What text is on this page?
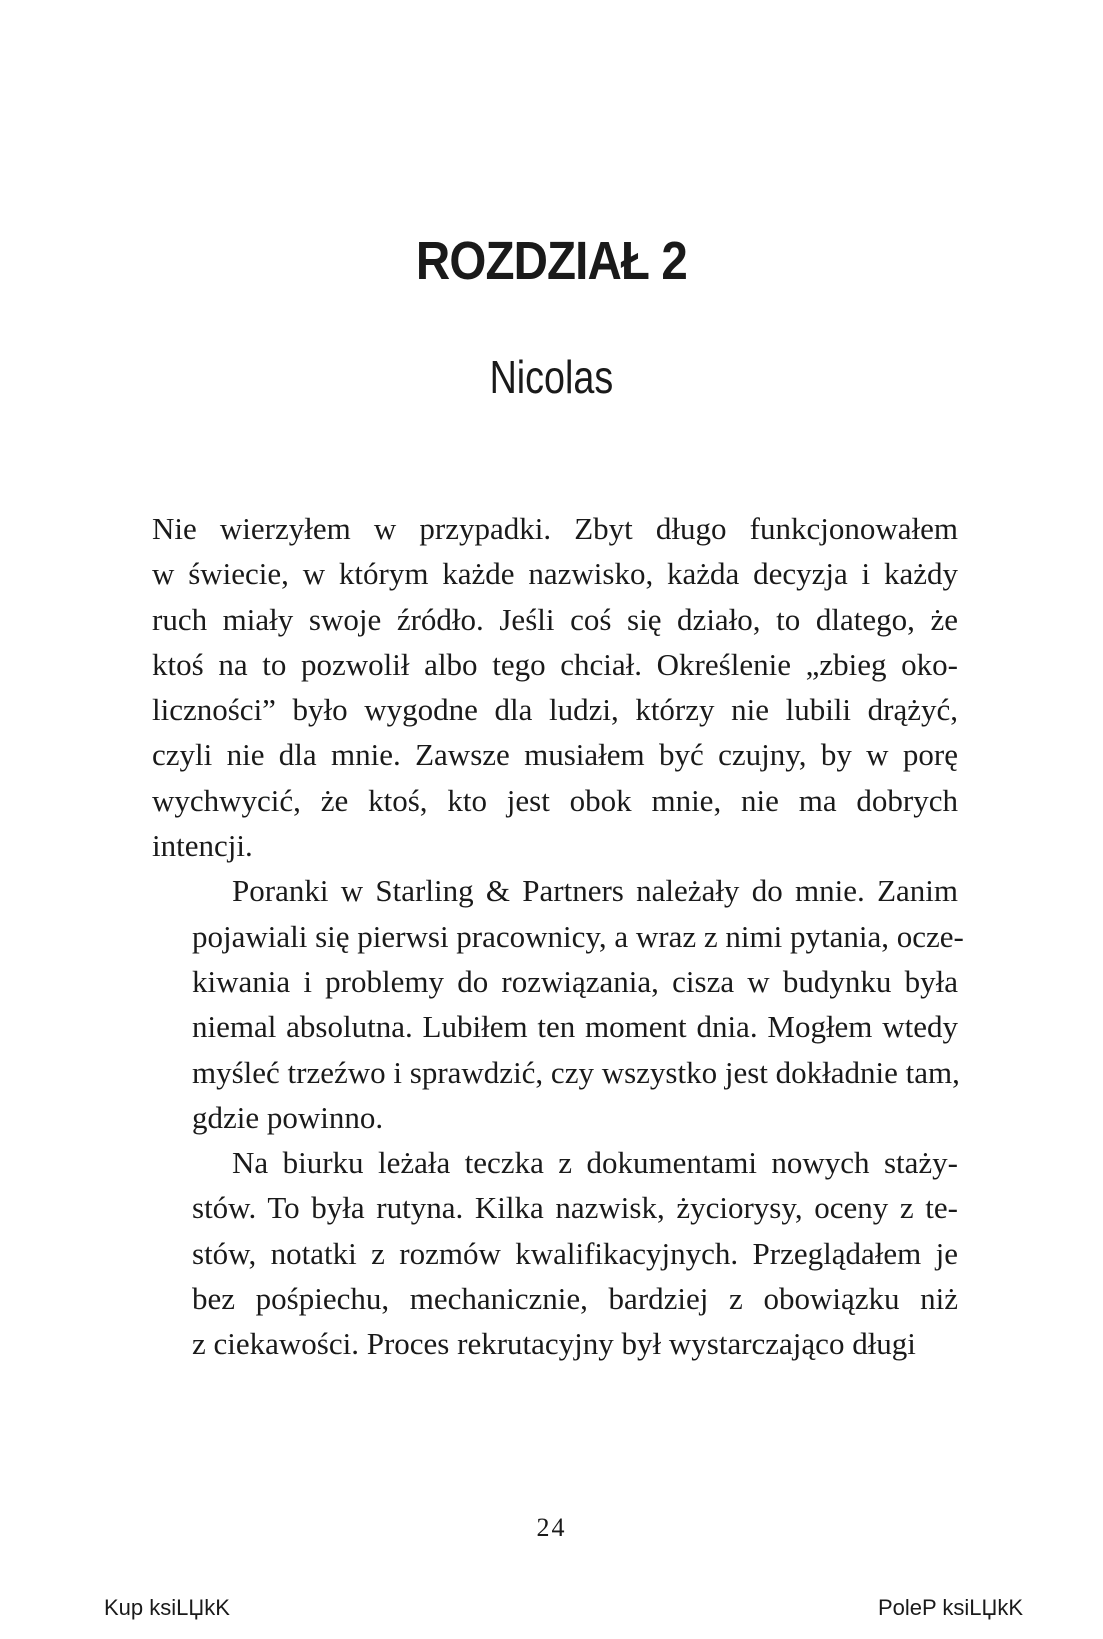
ROZDZIAŁ 2
Nicolas
Nie wierzyłem w przypadki. Zbyt długo funkcjonowałem
w świecie, w którym każde nazwisko, każda decyzja i każdy
ruch miały swoje źródło. Jeśli coś się działo, to dlatego, że
ktoś na to pozwolił albo tego chciał. Określenie „zbieg oko-
liczności” było wygodne dla ludzi, którzy nie lubili drążyć,
czyli nie dla mnie. Zawsze musiałem być czujny, by w porę
wychwycić, że ktoś, kto jest obok mnie, nie ma dobrych
intencji.
Poranki w Starling & Partners należały do mnie. Zanim
pojawiali się pierwsi pracownicy, a wraz z nimi pytania, ocze-
kiwania i problemy do rozwiązania, cisza w budynku była
niemal absolutna. Lubiłem ten moment dnia. Mogłem wtedy
myśleć trzeźwo i sprawdzić, czy wszystko jest dokładnie tam,
gdzie powinno.
Na biurku leżała teczka z dokumentami nowych staży-
stów. To była rutyna. Kilka nazwisk, życiorysy, oceny z te-
stów, notatki z rozmów kwalifikacyjnych. Przeglądałem je
bez pośpiechu, mechanicznie, bardziej z obowiązku niż
z ciekawości. Proces rekrutacyjny był wystarczająco długi
24
Kup ksiLЏkK	PoleP ksiLЏkK
